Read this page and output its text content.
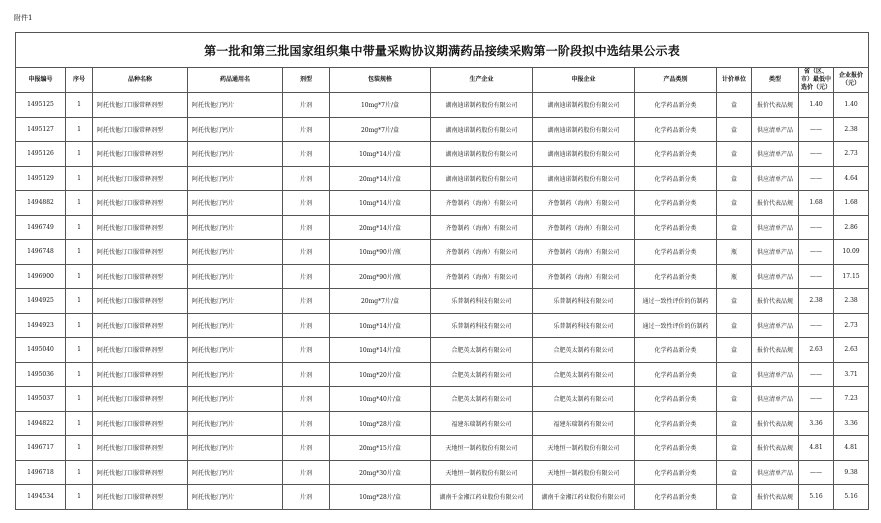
附件1
第一批和第三批国家组织集中带量采购协议期满药品接续采购第一阶段拟中选结果公示表												
申报编号	序号	品种名称	药品通用名	剂型	包装规格	生产企业	申报企业	产品类别	计价单位	类型	省（区、市）最低中选价（元）	企业报价（元）
1495125	1	阿托伐他汀口服常释剂型	阿托伐他汀钙片	片剂	10mg*7片/盒	湖南迪诺制药股份有限公司	湖南迪诺制药股份有限公司	化学药品新分类	盒	报价代表品规	1.40	1.40
1495127	1	阿托伐他汀口服常释剂型	阿托伐他汀钙片	片剂	20mg*7片/盒	湖南迪诺制药股份有限公司	湖南迪诺制药股份有限公司	化学药品新分类	盒	供应清单产品	——	2.38
1495126	1	阿托伐他汀口服常释剂型	阿托伐他汀钙片	片剂	10mg*14片/盒	湖南迪诺制药股份有限公司	湖南迪诺制药股份有限公司	化学药品新分类	盒	供应清单产品	——	2.73
1495129	1	阿托伐他汀口服常释剂型	阿托伐他汀钙片	片剂	20mg*14片/盒	湖南迪诺制药股份有限公司	湖南迪诺制药股份有限公司	化学药品新分类	盒	供应清单产品	——	4.64
1494882	1	阿托伐他汀口服常释剂型	阿托伐他汀钙片	片剂	10mg*14片/盒	齐鲁制药（海南）有限公司	齐鲁制药（海南）有限公司	化学药品新分类	盒	报价代表品规	1.68	1.68
1496749	1	阿托伐他汀口服常释剂型	阿托伐他汀钙片	片剂	20mg*14片/盒	齐鲁制药（海南）有限公司	齐鲁制药（海南）有限公司	化学药品新分类	盒	供应清单产品	——	2.86
1496748	1	阿托伐他汀口服常释剂型	阿托伐他汀钙片	片剂	10mg*90片/瓶	齐鲁制药（海南）有限公司	齐鲁制药（海南）有限公司	化学药品新分类	瓶	供应清单产品	——	10.09
1496900	1	阿托伐他汀口服常释剂型	阿托伐他汀钙片	片剂	20mg*90片/瓶	齐鲁制药（海南）有限公司	齐鲁制药（海南）有限公司	化学药品新分类	瓶	供应清单产品	——	17.15
1494925	1	阿托伐他汀口服常释剂型	阿托伐他汀钙片	片剂	20mg*7片/盒	乐普制药科技有限公司	乐普制药科技有限公司	通过一致性评价的仿制药	盒	报价代表品规	2.38	2.38
1494923	1	阿托伐他汀口服常释剂型	阿托伐他汀钙片	片剂	10mg*14片/盒	乐普制药科技有限公司	乐普制药科技有限公司	通过一致性评价的仿制药	盒	供应清单产品	——	2.73
1495040	1	阿托伐他汀口服常释剂型	阿托伐他汀钙片	片剂	10mg*14片/盒	合肥英太制药有限公司	合肥英太制药有限公司	化学药品新分类	盒	报价代表品规	2.63	2.63
1495036	1	阿托伐他汀口服常释剂型	阿托伐他汀钙片	片剂	10mg*20片/盒	合肥英太制药有限公司	合肥英太制药有限公司	化学药品新分类	盒	供应清单产品	——	3.71
1495037	1	阿托伐他汀口服常释剂型	阿托伐他汀钙片	片剂	10mg*40片/盒	合肥英太制药有限公司	合肥英太制药有限公司	化学药品新分类	盒	供应清单产品	——	7.23
1494822	1	阿托伐他汀口服常释剂型	阿托伐他汀钙片	片剂	10mg*28片/盒	福建东瑞制药有限公司	福建东瑞制药有限公司	化学药品新分类	盒	报价代表品规	3.36	3.36
1496717	1	阿托伐他汀口服常释剂型	阿托伐他汀钙片	片剂	20mg*15片/盒	天地恒一制药股份有限公司	天地恒一制药股份有限公司	化学药品新分类	盒	报价代表品规	4.81	4.81
1496718	1	阿托伐他汀口服常释剂型	阿托伐他汀钙片	片剂	20mg*30片/盒	天地恒一制药股份有限公司	天地恒一制药股份有限公司	化学药品新分类	盒	供应清单产品	——	9.38
1494534	1	阿托伐他汀口服常释剂型	阿托伐他汀钙片	片剂	10mg*28片/盒	湖南千金湘江药业股份有限公司	湖南千金湘江药业股份有限公司	化学药品新分类	盒	报价代表品规	5.16	5.16
